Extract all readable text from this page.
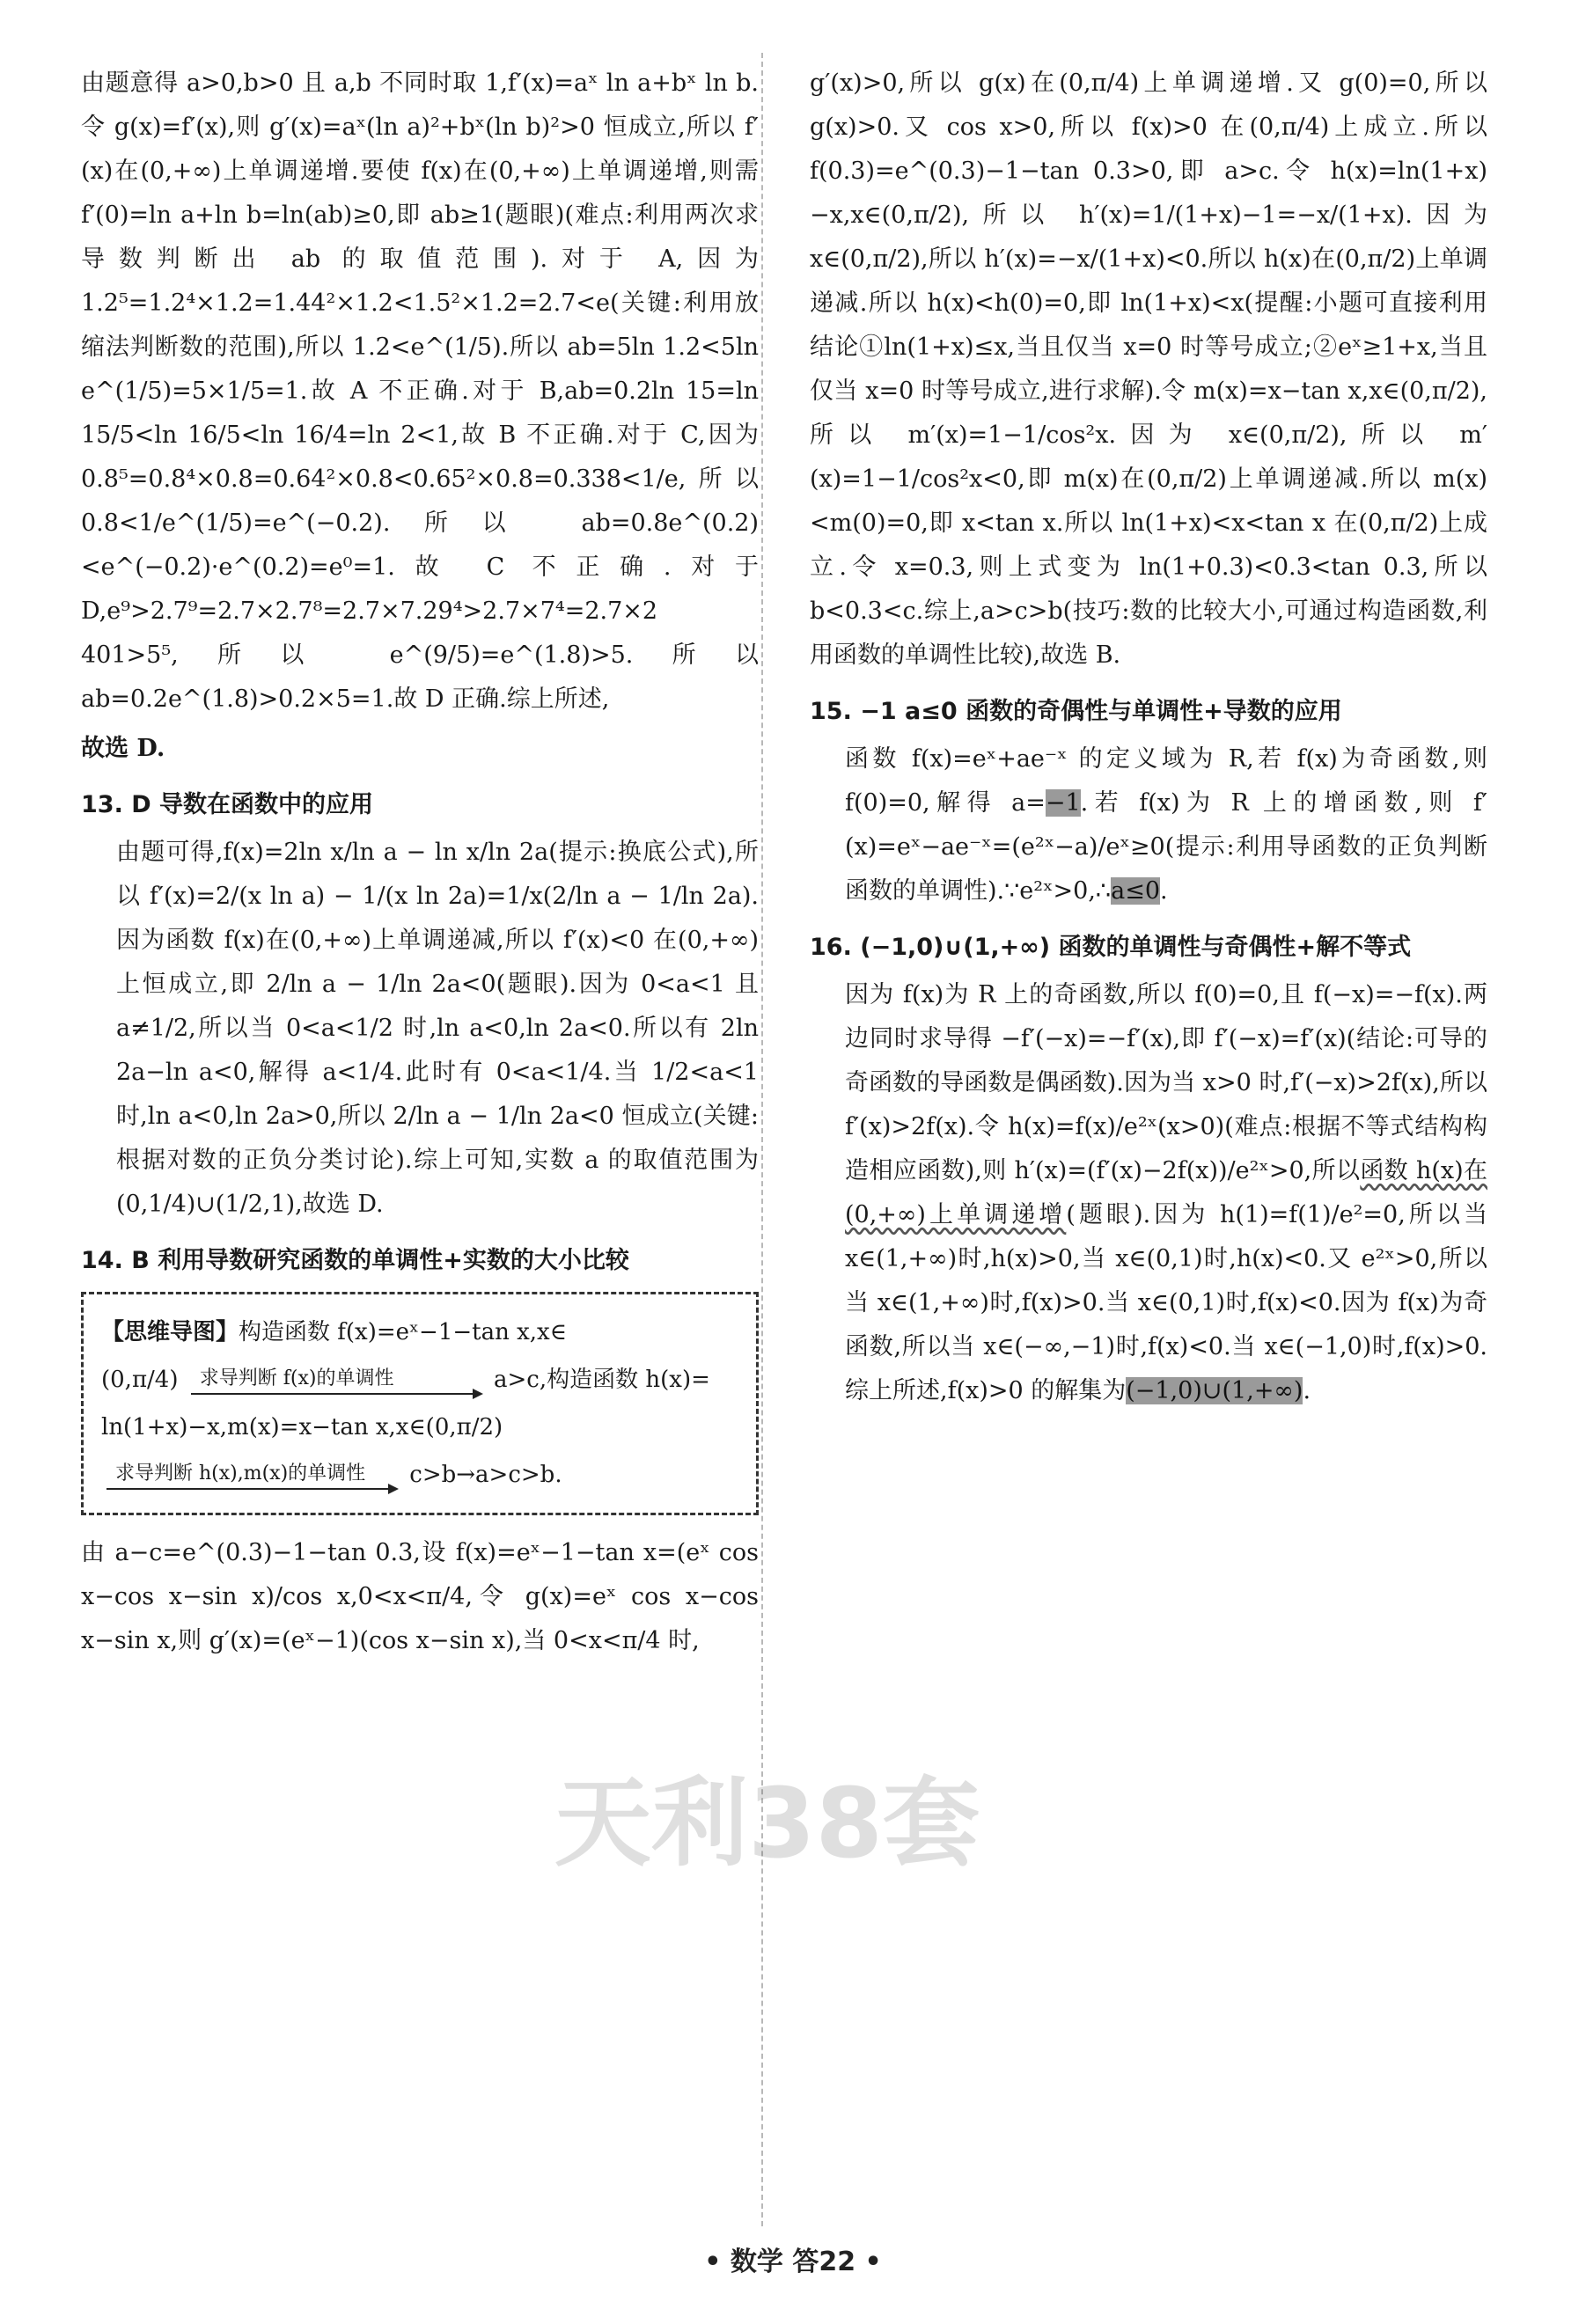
由题意得 a>0,b>0 且 a,b 不同时取 1,f′(x)=aˣ ln a+bˣ ln b.令 g(x)=f′(x),则 g′(x)=aˣ(ln a)²+bˣ(ln b)²>0 恒成立,所以 f′(x)在(0,+∞)上单调递增.要使 f(x)在(0,+∞)上单调递增,则需 f′(0)=ln a+ln b=ln(ab)≥0,即 ab≥1(题眼)(难点:利用两次求导数判断出 ab 的取值范围).对于 A,因为 1.2⁵=1.2⁴×1.2=1.44²×1.2<1.5²×1.2=2.7<e(关键:利用放缩法判断数的范围),所以 1.2<e^(1/5).所以 ab=5ln 1.2<5ln e^(1/5)=5×1/5=1.故 A 不正确.对于 B,ab=0.2ln 15=ln 15/5<ln 16/5<ln 16/4=ln 2<1,故 B 不正确.对于 C,因为 0.8⁵=0.8⁴×0.8=0.64²×0.8<0.65²×0.8=0.338<1/e,所以 0.8<1/e^(1/5)=e^(−0.2).所以 ab=0.8e^(0.2)<e^(−0.2)·e^(0.2)=e⁰=1.故 C 不正确.对于 D,e⁹>2.7⁹=2.7×2.7⁸=2.7×7.29⁴>2.7×7⁴=2.7×2 401>5⁵,所以 e^(9/5)=e^(1.8)>5.所以 ab=0.2e^(1.8)>0.2×5=1.故 D 正确.综上所述,

故选 D.

13. D 导数在函数中的应用

由题可得,f(x)=2ln x/ln a − ln x/ln 2a(提示:换底公式),所以 f′(x)=2/(x ln a) − 1/(x ln 2a)=1/x(2/ln a − 1/ln 2a).因为函数 f(x)在(0,+∞)上单调递减,所以 f′(x)<0 在(0,+∞)上恒成立,即 2/ln a − 1/ln 2a<0(题眼).因为 0<a<1 且 a≠1/2,所以当 0<a<1/2 时,ln a<0,ln 2a<0.所以有 2ln 2a−ln a<0,解得 a<1/4.此时有 0<a<1/4.当 1/2<a<1 时,ln a<0,ln 2a>0,所以 2/ln a − 1/ln 2a<0 恒成立(关键:根据对数的正负分类讨论).综上可知,实数 a 的取值范围为(0,1/4)∪(1/2,1),故选 D.

14. B 利用导数研究函数的单调性+实数的大小比较
【思维导图】构造函数 f(x)=eˣ−1−tan x,x∈
(0,π/4) 求导判断 f(x)的单调性	a>c,构造函数 h(x)=
ln(1+x)−x,m(x)=x−tan x,x∈(0,π/2)
求导判断 h(x),m(x)的单调性 c>b→a>c>b.

由 a−c=e^(0.3)−1−tan 0.3,设 f(x)=eˣ−1−tan x=(eˣ cos x−cos x−sin x)/cos x,0<x<π/4,令 g(x)=eˣ cos x−cos x−sin x,则 g′(x)=(eˣ−1)(cos x−sin x),当 0<x<π/4 时,

g′(x)>0,所以 g(x)在(0,π/4)上单调递增.又 g(0)=0,所以 g(x)>0.又 cos x>0,所以 f(x)>0 在(0,π/4)上成立.所以 f(0.3)=e^(0.3)−1−tan 0.3>0,即 a>c.令 h(x)=ln(1+x)−x,x∈(0,π/2),所以 h′(x)=1/(1+x)−1=−x/(1+x).因为 x∈(0,π/2),所以 h′(x)=−x/(1+x)<0.所以 h(x)在(0,π/2)上单调递减.所以 h(x)<h(0)=0,即 ln(1+x)<x(提醒:小题可直接利用结论①ln(1+x)≤x,当且仅当 x=0 时等号成立;②eˣ≥1+x,当且仅当 x=0 时等号成立,进行求解).令 m(x)=x−tan x,x∈(0,π/2),所以 m′(x)=1−1/cos²x.因为 x∈(0,π/2),所以 m′(x)=1−1/cos²x<0,即 m(x)在(0,π/2)上单调递减.所以 m(x)<m(0)=0,即 x<tan x.所以 ln(1+x)<x<tan x 在(0,π/2)上成立.令 x=0.3,则上式变为 ln(1+0.3)<0.3<tan 0.3,所以 b<0.3<c.综上,a>c>b(技巧:数的比较大小,可通过构造函数,利用函数的单调性比较),故选 B.

15. −1 a≤0 函数的奇偶性与单调性+导数的应用

函数 f(x)=eˣ+ae⁻ˣ 的定义域为 R,若 f(x)为奇函数,则 f(0)=0,解得 a=−1.若 f(x)为 R 上的增函数,则 f′(x)=eˣ−ae⁻ˣ=(e²ˣ−a)/eˣ≥0(提示:利用导函数的正负判断函数的单调性).∵e²ˣ>0,∴a≤0.

16. (−1,0)∪(1,+∞) 函数的单调性与奇偶性+解不等式

因为 f(x)为 R 上的奇函数,所以 f(0)=0,且 f(−x)=−f(x).两边同时求导得 −f′(−x)=−f′(x),即 f′(−x)=f′(x)(结论:可导的奇函数的导函数是偶函数).因为当 x>0 时,f′(−x)>2f(x),所以 f′(x)>2f(x).令 h(x)=f(x)/e²ˣ(x>0)(难点:根据不等式结构构造相应函数),则 h′(x)=(f′(x)−2f(x))/e²ˣ>0,所以函数 h(x)在(0,+∞)上单调递增(题眼).因为 h(1)=f(1)/e²=0,所以当 x∈(1,+∞)时,h(x)>0,当 x∈(0,1)时,h(x)<0.又 e²ˣ>0,所以当 x∈(1,+∞)时,f(x)>0.当 x∈(0,1)时,f(x)<0.因为 f(x)为奇函数,所以当 x∈(−∞,−1)时,f(x)<0.当 x∈(−1,0)时,f(x)>0.综上所述,f(x)>0 的解集为(−1,0)∪(1,+∞).

天利38套
• 数学 答22 •
